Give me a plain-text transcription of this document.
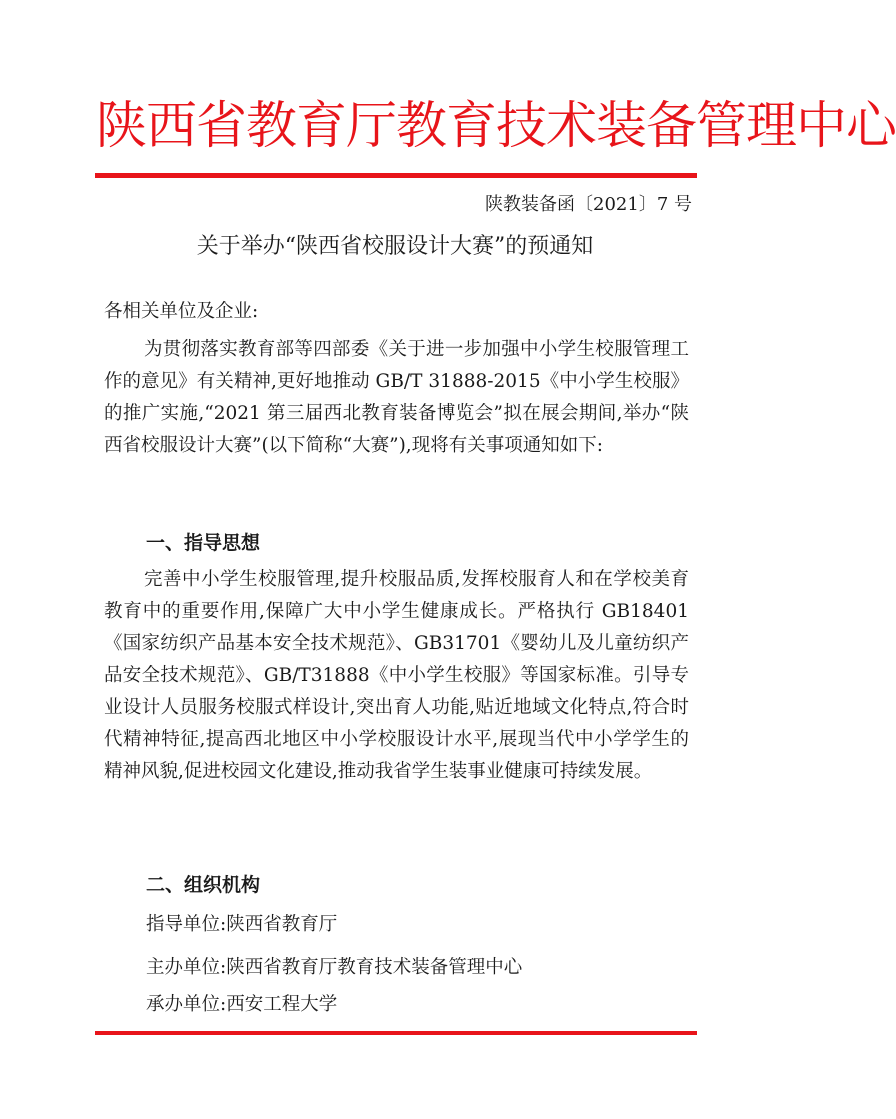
陕西省教育厅教育技术装备管理中心
陕教装备函〔2021〕7 号
关于举办“陕西省校服设计大赛”的预通知
各相关单位及企业:
为贯彻落实教育部等四部委《关于进一步加强中小学生校服管理工作的意见》有关精神,更好地推动 GB/T 31888-2015《中小学生校服》的推广实施,“2021 第三届西北教育装备博览会”拟在展会期间,举办“陕西省校服设计大赛”(以下简称“大赛”),现将有关事项通知如下:
一、指导思想
完善中小学生校服管理,提升校服品质,发挥校服育人和在学校美育教育中的重要作用,保障广大中小学生健康成长。严格执行 GB18401《国家纺织产品基本安全技术规范》、GB31701《婴幼儿及儿童纺织产品安全技术规范》、GB/T31888《中小学生校服》等国家标准。引导专业设计人员服务校服式样设计,突出育人功能,贴近地域文化特点,符合时代精神特征,提高西北地区中小学校服设计水平,展现当代中小学学生的精神风貌,促进校园文化建设,推动我省学生装事业健康可持续发展。
二、组织机构
指导单位:陕西省教育厅
主办单位:陕西省教育厅教育技术装备管理中心
承办单位:西安工程大学
